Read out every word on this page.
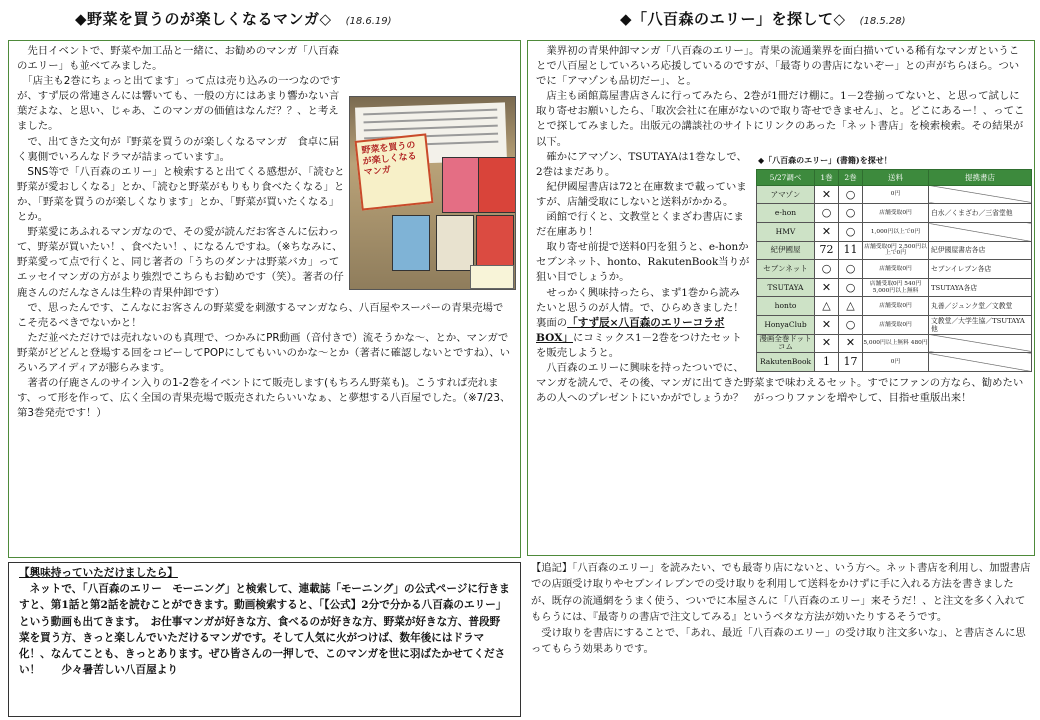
◆野菜を買うのが楽しくなるマンガ◇ (18.6.19)	◆「八百森のエリー」を探して◇ (18.5.28)
野菜を買うのが楽しくなるマンガ

　先日イベントで、野菜や加工品と一緒に、お勧めのマンガ「八百森のエリー」も並べてみました。

　「店主も2巻にちょっと出てます」って点は売り込みの一つなのですが、すず辰の常連さんには響いても、一般の方にはあまり響かない言葉だよな、と思い、じゃあ、このマンガの価値はなんだ？？、と考えました。

　で、出てきた文句が『野菜を買うのが楽しくなるマンガ　食卓に届く裏側でいろんなドラマが詰まっています』。

　SNS等で「八百森のエリー」と検索すると出てくる感想が、「読むと野菜が愛おしくなる」とか、「読むと野菜がもりもり食べたくなる」とか、「野菜を買うのが楽しくなります」とか、「野菜が買いたくなる」とか。

　野菜愛にあふれるマンガなので、その愛が読んだお客さんに伝わって、野菜が買いたい！、食べたい！、になるんですね。（※ちなみに、野菜愛って点で行くと、同じ著者の「うちのダンナは野菜バカ」ってエッセイマンガの方がより強烈でこちらもお勧めです（笑）。著者の仔鹿さんのだんなさんは生粋の青果仲卸です）

　で、思ったんです、こんなにお客さんの野菜愛を刺激するマンガなら、八百屋やスーパーの青果売場でこそ売るべきでないかと！

　ただ並べただけでは売れないのも真理で、つかみにPR動画（音付きで）流そうかな～、とか、マンガで野菜がどどんと登場する回をコピーしてPOPにしてもいいのかな～とか（著者に確認しないとですね）、いろいろアイディアが膨らみます。

　著者の仔鹿さんのサイン入りの1-2巻をイベントにて販売します(もちろん野菜も)。こうすれば売れます、って形を作って、広く全国の青果売場で販売されたらいいなぁ、と夢想する八百屋でした。（※7/23、第3巻発売です！）

【興味持っていただけましたら】

　ネットで、「八百森のエリー　モーニング」と検索して、連載誌「モーニング」の公式ページに行きますと、第1話と第2話を読むことができます。動画検索すると、「【公式】2分で分かる八百森のエリー」という動画も出てきます。　お仕事マンガが好きな方、食べるのが好きな方、野菜が好きな方、普段野菜を買う方、きっと楽しんでいただけるマンガです。そして人気に火がつけば、数年後にはドラマ化！、なんてことも、きっとあります。ぜひ皆さんの一押しで、このマンガを世に羽ばたかせてください！　　少々暑苦しい八百屋より

　業界初の青果仲卸マンガ「八百森のエリー」。青果の流通業界を面白描いている稀有なマンガということで八百屋としていろいろ応援しているのですが、「最寄りの書店にないぞー」との声がちらほら。ついでに「アマゾンも品切だー」、と。

　店主も函館蔦屋書店さんに行ってみたら、2巻が1冊だけ棚に。1－2巻揃ってないと、と思って試しに取り寄せお願いしたら、「取次会社に在庫がないので取り寄せできません」、と。どこにあるー！、ってことで探してみました。出版元の講談社のサイトにリンクのあった「ネット書店」を検索検索。その結果が以下。

◆「八百森のエリー」(書籍)を探せ！
5/27調べ	1巻	2巻	送料	提携書店
アマゾン	✕	○	0円	
e-hon	○	○	店舗受取0円	白水／くまざわ／三省堂他
HMV	✕	○	1,000円以上で0円	
紀伊國屋	72	11	店舗受取0円 2,500円以上で0円	紀伊國屋書店各店
セブンネット	○	○	店舗受取0円	セブンイレブン各店
TSUTAYA	✕	○	店舗受取0円 540円 5,000円以上無料	TSUTAYA各店
honto	△	△	店舗受取0円	丸善／ジュンク堂／文教堂
HonyaClub	✕	○	店舗受取0円	文教堂／大学生協／TSUTAYA他
漫画全巻ドットコム	✕	✕	5,000円以上無料 480円	
RakutenBook	1	17	0円	

　確かにアマゾン、TSUTAYAは1巻なしで、2巻はまだあり。

　紀伊國屋書店は72と在庫数まで載っていますが、店舗受取にしないと送料がかかる。

　函館で行くと、文教堂とくまざわ書店にまだ在庫あり！

　取り寄せ前提で送料0円を狙うと、e-honかセブンネット、honto、RakutenBook当りが狙い目でしょうか。

　せっかく興味持ったら、まず1巻から読みたいと思うのが人情。で、ひらめきました！裏面の「すず辰×八百森のエリーコラボBOX」にコミックス1－2巻をつけたセットを販売しようと。

　八百森のエリーに興味を持ったついでに、マンガを読んで、その後、マンガに出てきた野菜まで味わえるセット。すでにファンの方なら、勧めたいあの人へのプレゼントにいかがでしょうか？　がっつりファンを増やして、目指せ重版出来！

【追記】「八百森のエリー」を読みたい、でも最寄り店にないと、いう方へ。ネット書店を利用し、加盟書店での店頭受け取りやセブンイレブンでの受け取りを利用して送料をかけずに手に入れる方法を書きましたが、既存の流通網をうまく使う、ついでに本屋さんに「八百森のエリー」来そうだ！、と注文を多く入れてもらうには、『最寄りの書店で注文してみる』というベタな方法が効いたりするそうです。

　受け取りを書店にすることで、「あれ、最近「八百森のエリー」の受け取り注文多いな」、と書店さんに思ってもらう効果ありです。
